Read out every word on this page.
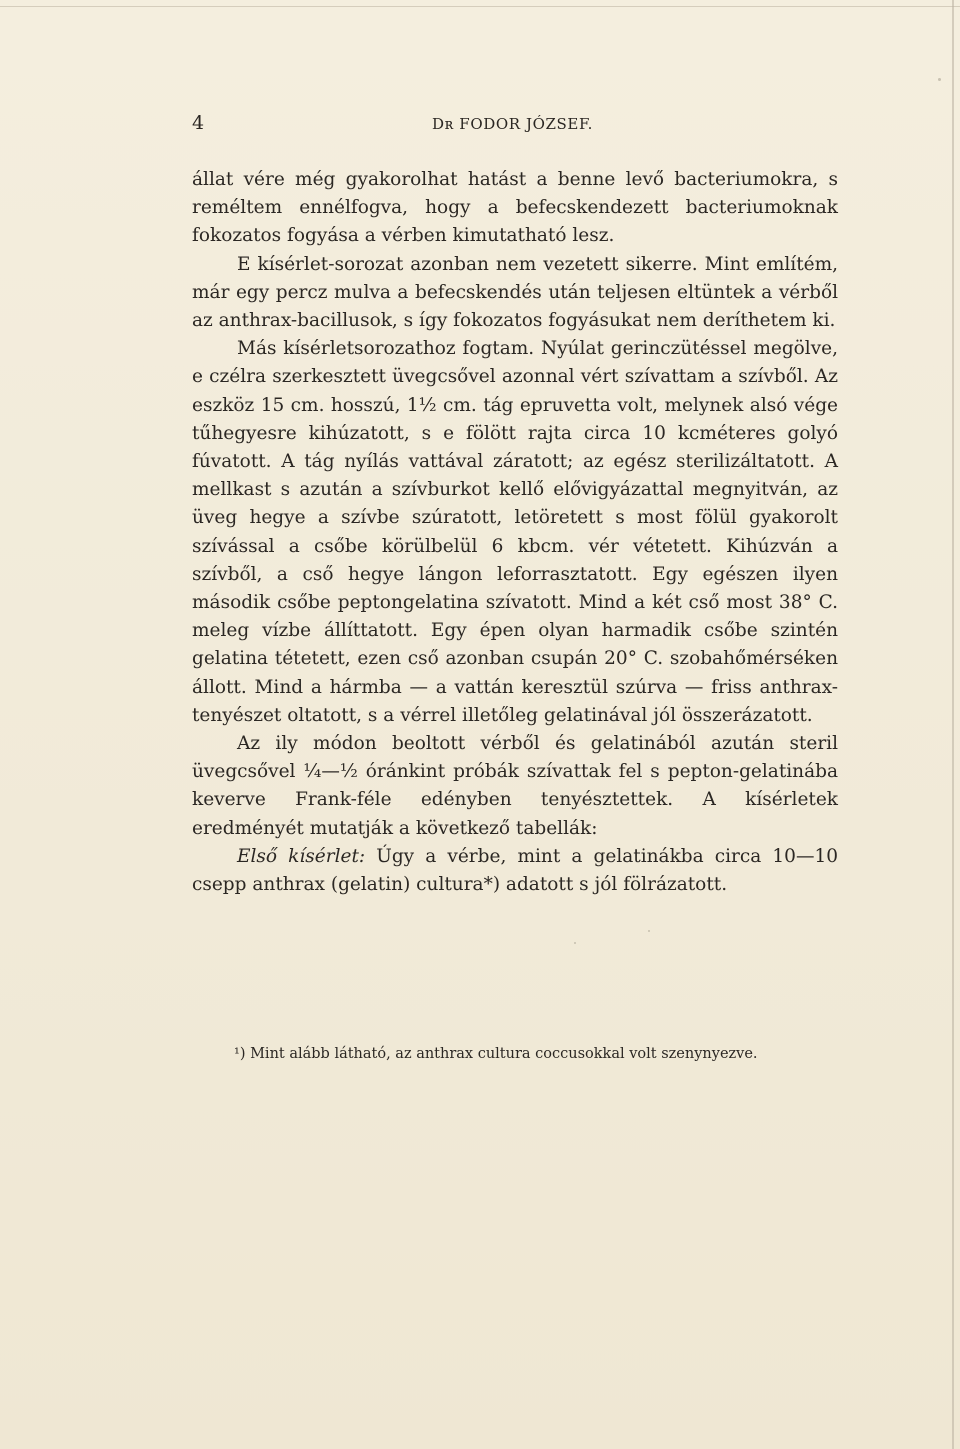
4	Dʀ FODOR JÓZSEF.

állat vére még gyakorolhat hatást a benne levő bacteriumokra, s reméltem ennélfogva, hogy a befecskendezett bacteriumoknak fokozatos fogyása a vérben kimutatható lesz.

E kísérlet-sorozat azonban nem vezetett sikerre. Mint említém, már egy percz mulva a befecskendés után teljesen eltüntek a vérből az anthrax-bacillusok, s így fokozatos fogyásukat nem deríthetem ki.

Más kísérletsorozathoz fogtam. Nyúlat gerinczütéssel megölve, e czélra szerkesztett üvegcsővel azonnal vért szívattam a szívből. Az eszköz 15 cm. hosszú, 1½ cm. tág epruvetta volt, melynek alsó vége tűhegyesre kihúzatott, s e fölött rajta circa 10 kcméteres golyó fúvatott. A tág nyílás vattával záratott; az egész sterilizáltatott. A mellkast s azután a szívburkot kellő elővigyázattal megnyitván, az üveg hegye a szívbe szúratott, letöretett s most fölül gyakorolt szívással a csőbe körülbelül 6 kbcm. vér vétetett. Kihúzván a szívből, a cső hegye lángon leforrasztatott. Egy egészen ilyen második csőbe peptongelatina szívatott. Mind a két cső most 38° C. meleg vízbe állíttatott. Egy épen olyan harmadik csőbe szintén gelatina tétetett, ezen cső azonban csupán 20° C. szobahőmérséken állott. Mind a hármba — a vattán keresztül szúrva — friss anthrax-tenyészet oltatott, s a vérrel illetőleg gelatinával jól összerázatott.

Az ily módon beoltott vérből és gelatinából azután steril üvegcsővel ¼—½ óránkint próbák szívattak fel s pepton-gelatinába keverve Frank-féle edényben tenyésztettek. A kísérletek eredményét mutatják a következő tabellák:

Első kísérlet: Úgy a vérbe, mint a gelatinákba circa 10—10 csepp anthrax (gelatin) cultura*) adatott s jól fölrázatott.

¹) Mint alább látható, az anthrax cultura coccusokkal volt szenynyezve.
